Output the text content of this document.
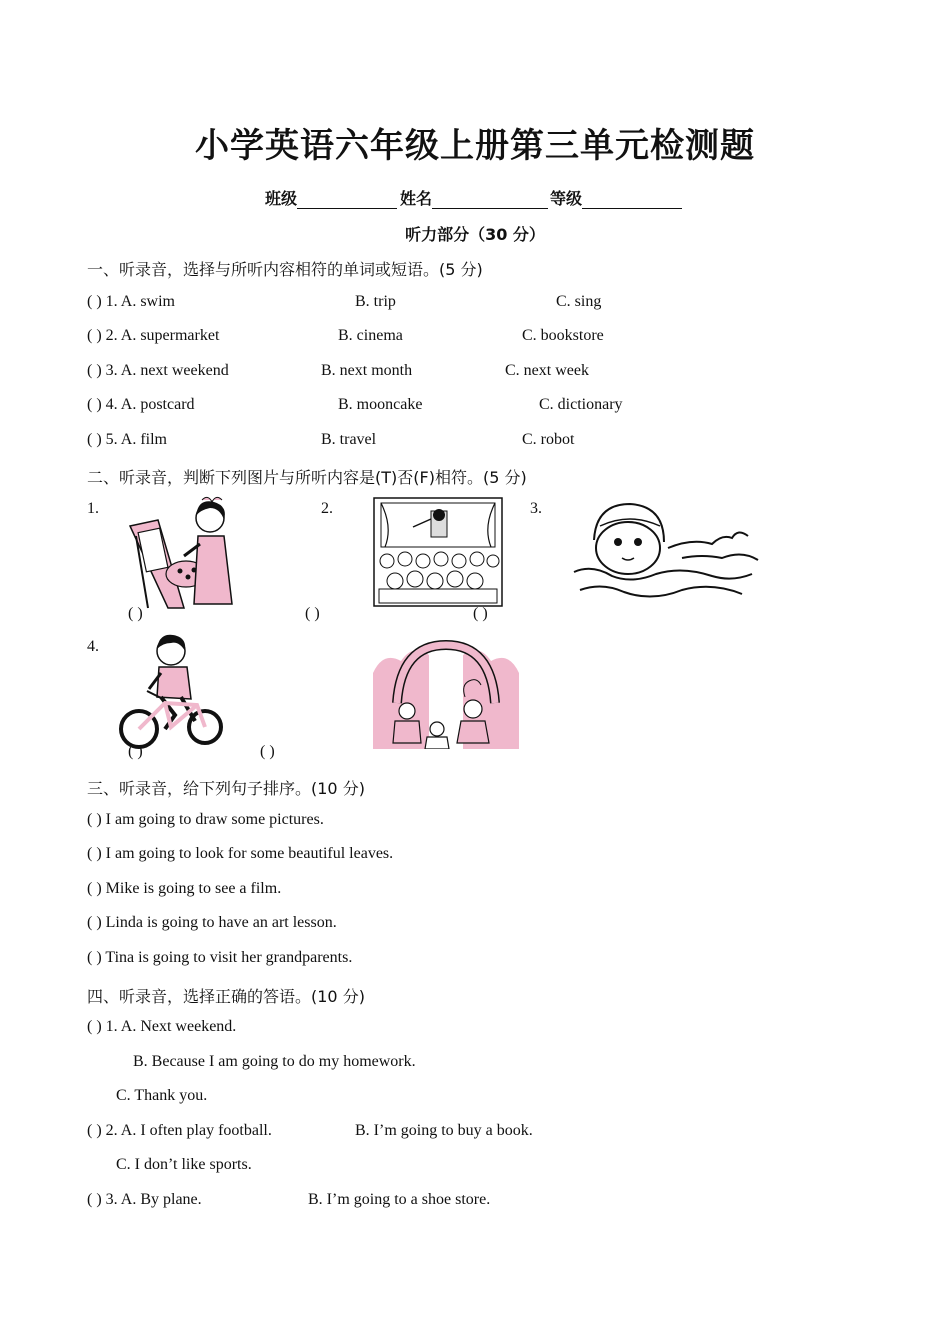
小学英语六年级上册第三单元检测题
班级	姓名	等级
听力部分（30 分）
一、听录音，选择与所听内容相符的单词或短语。(5 分)
( ) 1. A. swim	B. trip	C. sing
( ) 2. A. supermarket	B. cinema	C. bookstore
( ) 3. A. next weekend	B. next month	C. next week
( ) 4. A. postcard	B. mooncake	C. dictionary
( ) 5. A. film	B. travel	C. robot
二、听录音，判断下列图片与所听内容是(T)否(F)相符。(5 分)
1.	2.	3.
4.
( )	( )	( )
( )	( )
三、听录音，给下列句子排序。(10 分)
( ) I am going to draw some pictures.
( ) I am going to look for some beautiful leaves.
( ) Mike is going to see a film.
( ) Linda is going to have an art lesson.
( ) Tina is going to visit her grandparents.
四、听录音，选择正确的答语。(10 分)
( ) 1. A. Next weekend.
B. Because I am going to do my homework.
C. Thank you.
( ) 2. A. I often play football.	B. I’m going to buy a book.
C. I don’t like sports.
( ) 3. A. By plane.	B. I’m going to a shoe store.
